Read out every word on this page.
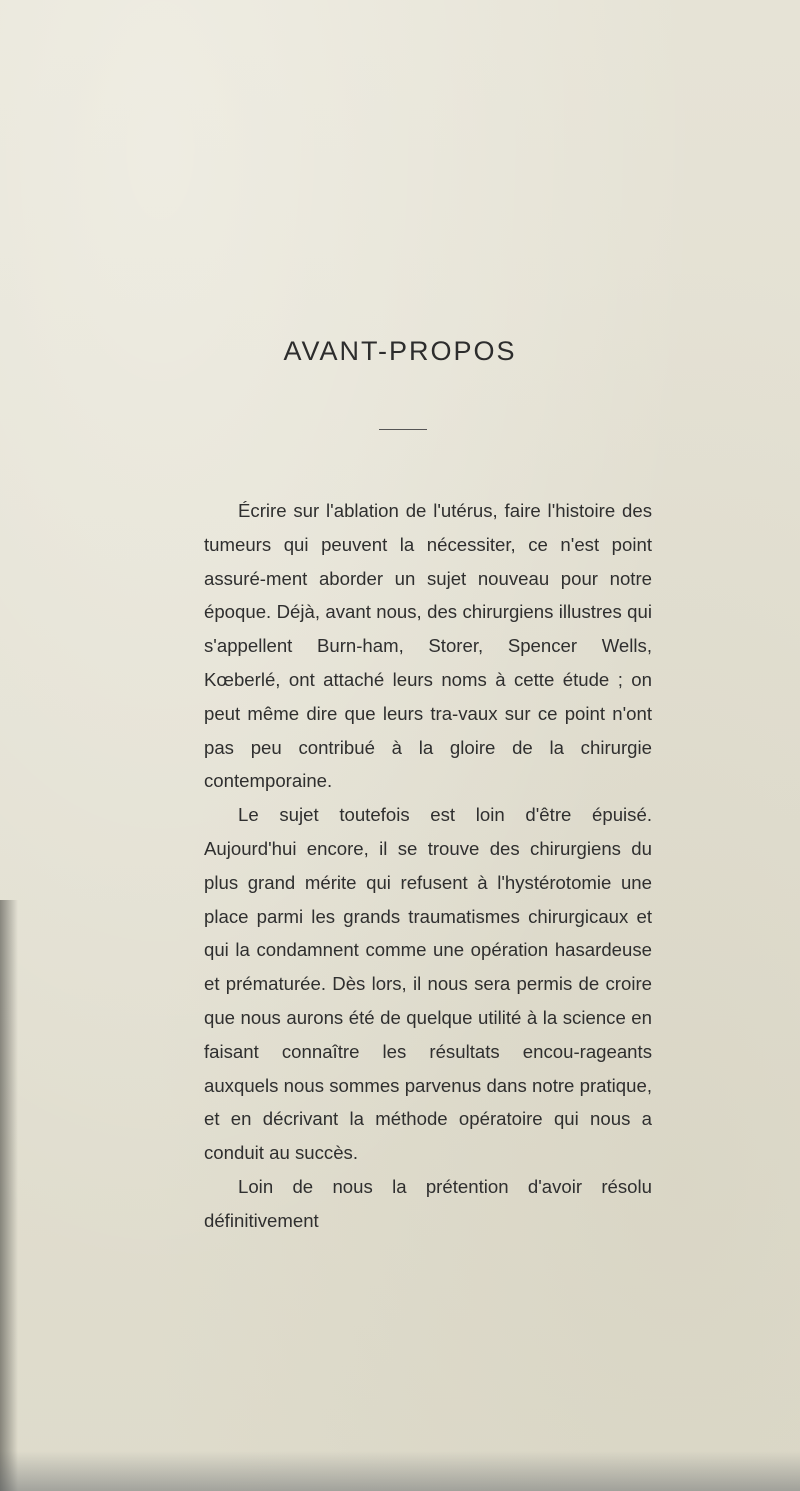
AVANT-PROPOS

Écrire sur l'ablation de l'utérus, faire l'histoire des tumeurs qui peuvent la nécessiter, ce n'est point assuré-ment aborder un sujet nouveau pour notre époque. Déjà, avant nous, des chirurgiens illustres qui s'appellent Burn-ham, Storer, Spencer Wells, Kœberlé, ont attaché leurs noms à cette étude ; on peut même dire que leurs tra-vaux sur ce point n'ont pas peu contribué à la gloire de la chirurgie contemporaine.

Le sujet toutefois est loin d'être épuisé. Aujourd'hui encore, il se trouve des chirurgiens du plus grand mérite qui refusent à l'hystérotomie une place parmi les grands traumatismes chirurgicaux et qui la condamnent comme une opération hasardeuse et prématurée. Dès lors, il nous sera permis de croire que nous aurons été de quelque utilité à la science en faisant connaître les résultats encou-rageants auxquels nous sommes parvenus dans notre pratique, et en décrivant la méthode opératoire qui nous a conduit au succès.

Loin de nous la prétention d'avoir résolu définitivement
